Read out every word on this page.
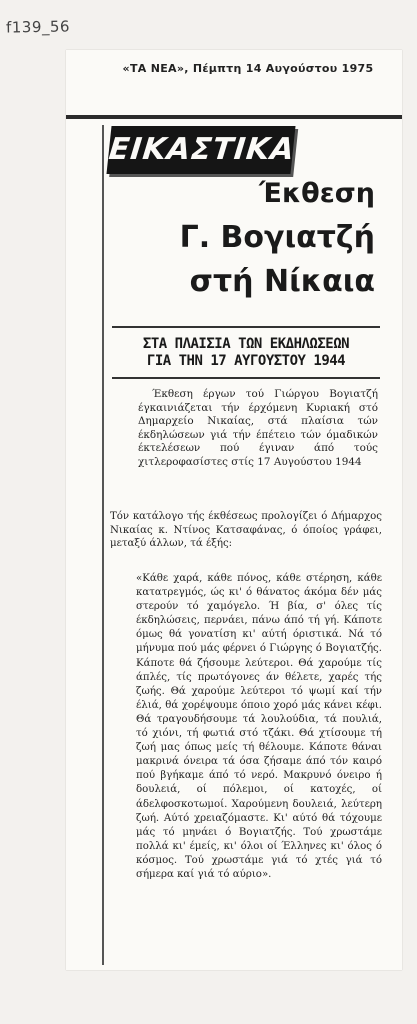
f139_56
«ΤΑ ΝΕΑ», Πέμπτη 14 Αυγούστου 1975
ΕΙΚΑΣΤΙΚΑ
Έκθεση
Γ. Βογιατζή
στή Νίκαια
ΣΤΑ ΠΛΑΙΣΙΑ ΤΩΝ ΕΚΔΗΛΩΣΕΩΝ
ΓΙΑ ΤΗΝ 17 ΑΥΓΟΥΣΤΟΥ 1944

Έκθεση έργων τού Γιώργου Βογιατζή έγκαινιάζεται τήν έρχόμενη Κυριακή στό Δημαρχείο Νικαίας, στά πλαίσια τών έκδηλώσεων γιά τήν έπέτειο τών όμαδικών έκτελέσεων πού έγιναν άπό τούς χιτλεροφασίστες στίς 17 Αυγούστου 1944

Τόν κατάλογο τής έκθέσεως προλογίζει ό Δήμαρχος Νικαίας κ. Ντίνος Κατσαφάνας, ό όποίος γράφει, μεταξύ άλλων, τά έξής:

«Κάθε χαρά, κάθε πόνος, κάθε στέρηση, κάθε κατατρεγμός, ώς κι' ό θάνατος άκόμα δέν μάς στερούν τό χαμόγελο. Ή βία, σ' όλες τίς έκδηλώσεις, περνάει, πάνω άπό τή γή. Κάποτε όμως θά γονατίση κι' αύτή όριστικά. Νά τό μήνυμα πού μάς φέρνει ό Γιώργης ό Βογιατζής. Κάποτε θά ζήσουμε λεύτεροι. Θά χαρούμε τίς άπλές, τίς πρωτόγονες άν θέλετε, χαρές τής ζωής. Θά χαρούμε λεύτεροι τό ψωμί καί τήν έλιά, θά χορέψουμε όποιο χορό μάς κάνει κέφι. Θά τραγουδήσουμε τά λουλούδια, τά πουλιά, τό χιόνι, τή φωτιά στό τζάκι. Θά χτίσουμε τή ζωή μας όπως μείς τή θέλουμε. Κάποτε θάναι μακρινά όνειρα τά όσα ζήσαμε άπό τόν καιρό πού βγήκαμε άπό τό νερό. Μακρυνό όνειρο ή δουλειά, οί πόλεμοι, οί κατοχές, οί άδελφοσκοτωμοί. Χαρούμενη δουλειά, λεύτερη ζωή. Αύτό χρειαζόμαστε. Κι' αύτό θά τόχουμε μάς τό μηνάει ό Βογιατζής. Τού χρωστάμε πολλά κι' έμείς, κι' όλοι οί Έλληνες κι' όλος ό κόσμος. Τού χρωστάμε γιά τό χτές γιά τό σήμερα καί γιά τό αύριο».
